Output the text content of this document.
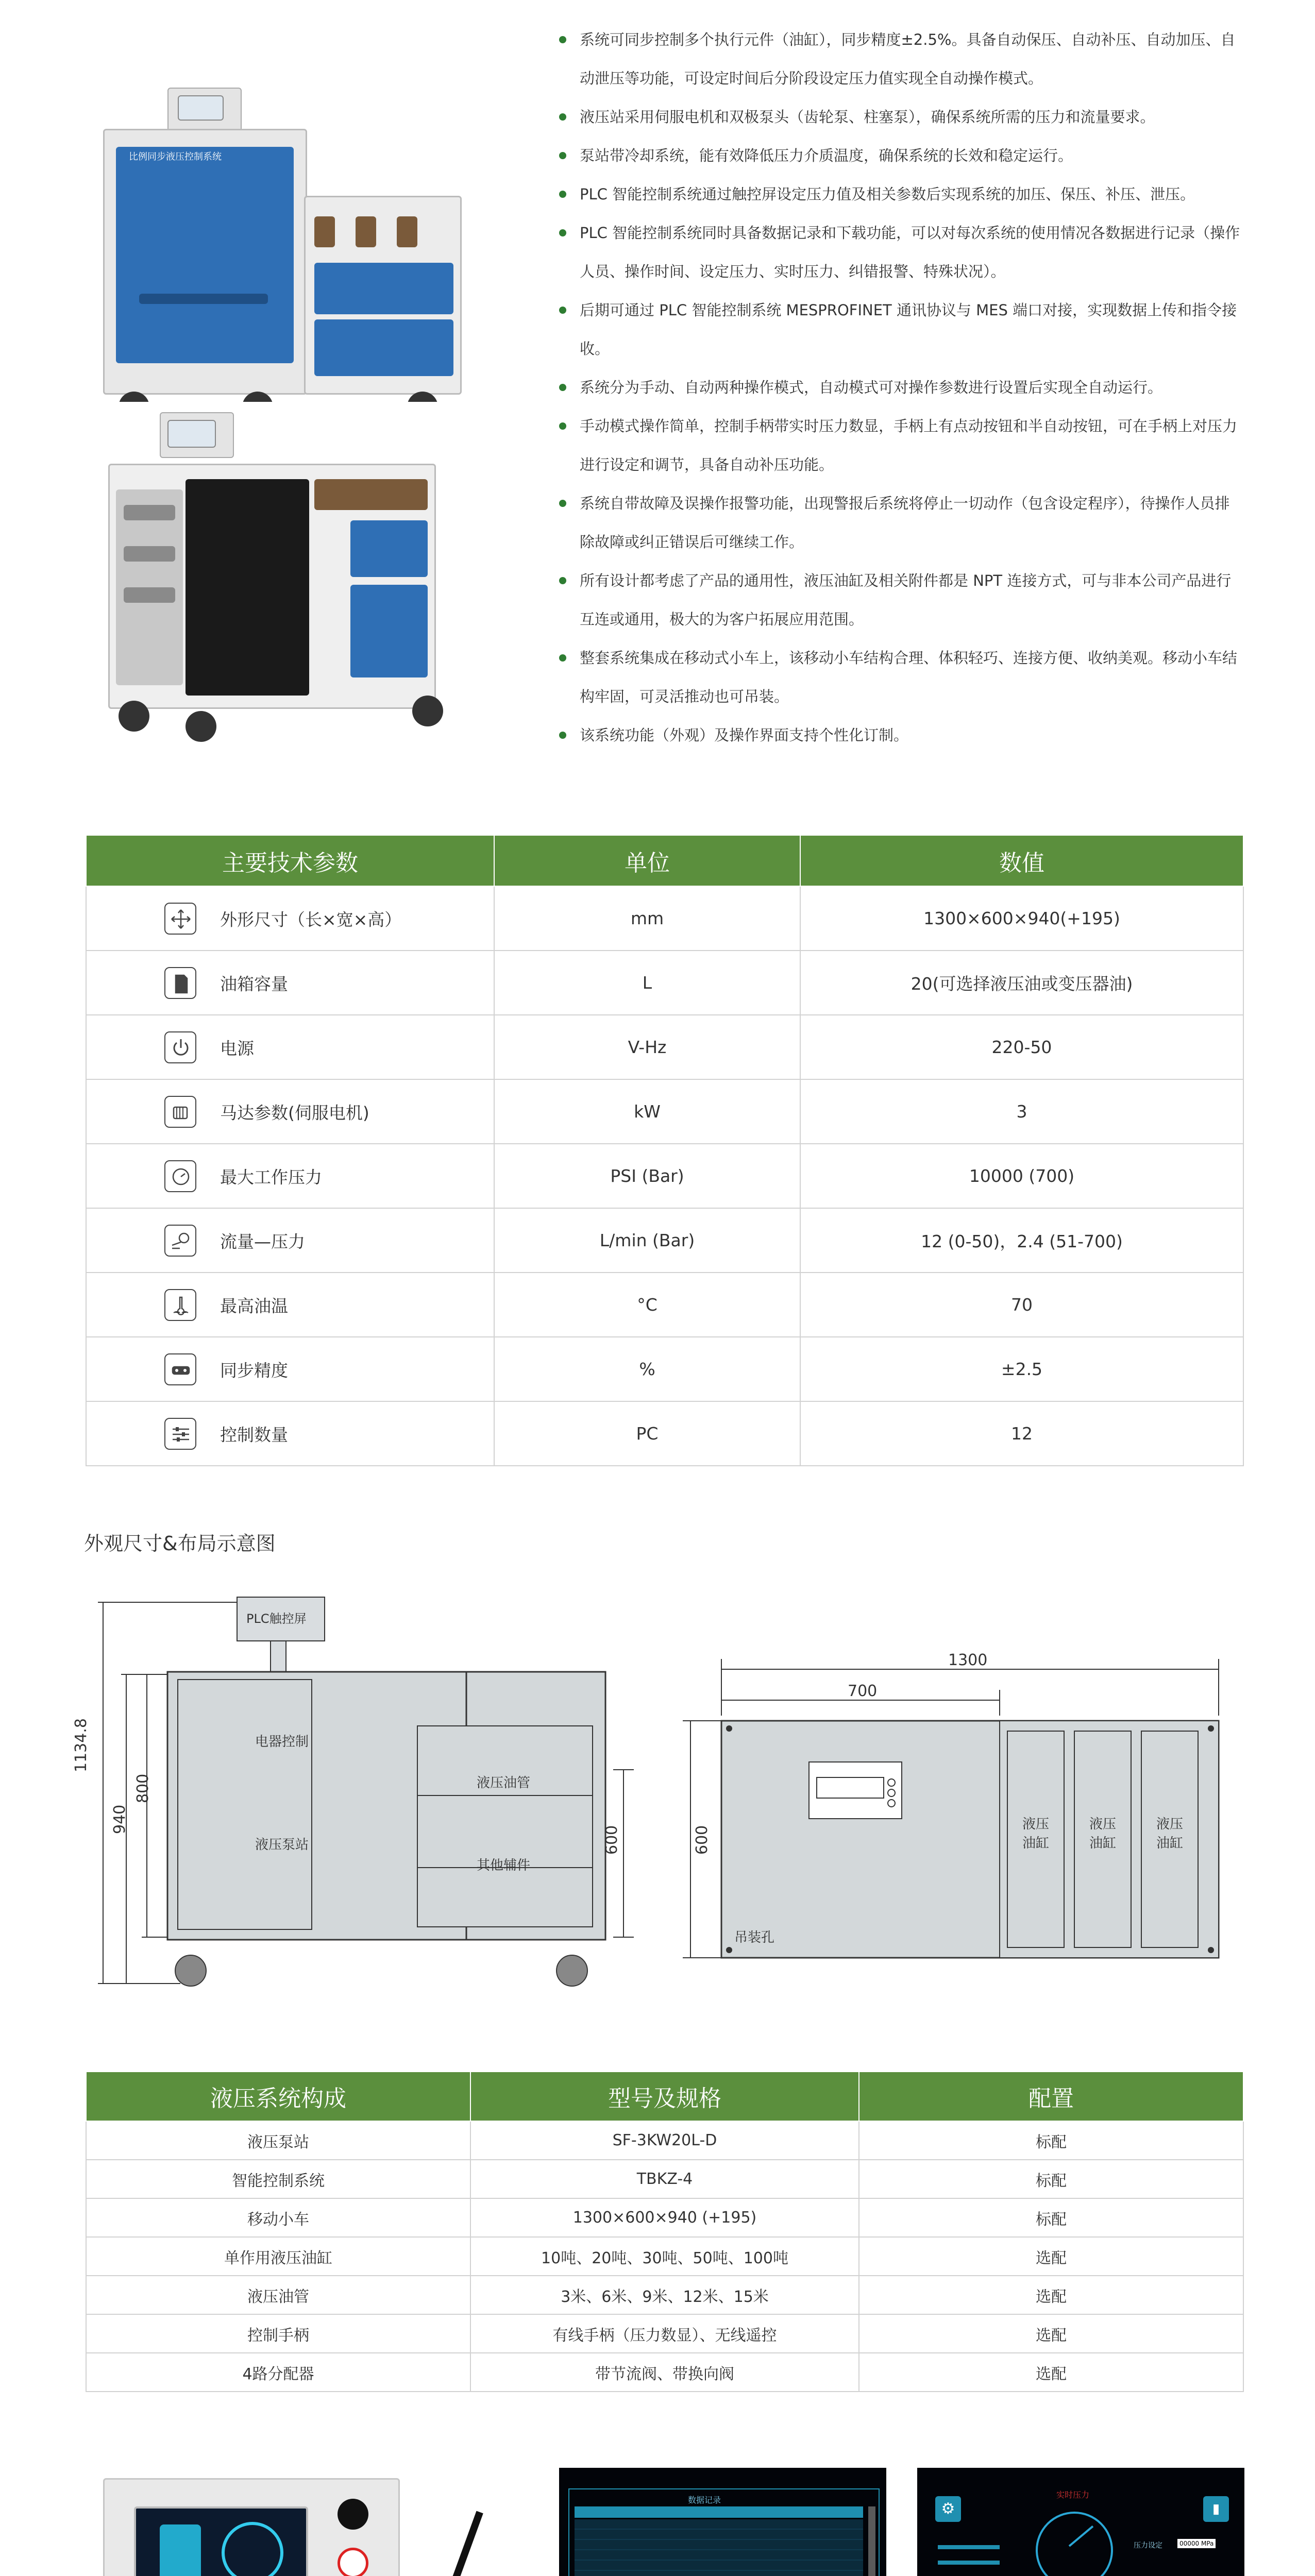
比例同步液压控制系统
系统可同步控制多个执行元件（油缸），同步精度±2.5%。具备自动保压、自动补压、自动加压、自动泄压等功能，可设定时间后分阶段设定压力值实现全自动操作模式。
液压站采用伺服电机和双极泵头（齿轮泵、柱塞泵），确保系统所需的压力和流量要求。
泵站带冷却系统，能有效降低压力介质温度，确保系统的长效和稳定运行。
PLC 智能控制系统通过触控屏设定压力值及相关参数后实现系统的加压、保压、补压、泄压。
PLC 智能控制系统同时具备数据记录和下载功能，可以对每次系统的使用情况各数据进行记录（操作人员、操作时间、设定压力、实时压力、纠错报警、特殊状况）。
后期可通过 PLC 智能控制系统 MESPROFINET 通讯协议与 MES 端口对接，实现数据上传和指令接收。
系统分为手动、自动两种操作模式，自动模式可对操作参数进行设置后实现全自动运行。
手动模式操作简单，控制手柄带实时压力数显，手柄上有点动按钮和半自动按钮，可在手柄上对压力进行设定和调节，具备自动补压功能。
系统自带故障及误操作报警功能，出现警报后系统将停止一切动作（包含设定程序），待操作人员排除故障或纠正错误后可继续工作。
所有设计都考虑了产品的通用性，液压油缸及相关附件都是 NPT 连接方式，可与非本公司产品进行互连或通用，极大的为客户拓展应用范围。
整套系统集成在移动式小车上，该移动小车结构合理、体积轻巧、连接方便、收纳美观。移动小车结构牢固，可灵活推动也可吊装。
该系统功能（外观）及操作界面支持个性化订制。
主要技术参数	单位	数值

外形尺寸（长×宽×高）	mm	1300×600×940(+195)

油箱容量	L	20(可选择液压油或变压器油)

电源	V-Hz	220-50

马达参数(伺服电机)	kW	3

最大工作压力	PSI (Bar)	10000 (700)

流量—压力	L/min (Bar)	12 (0-50)，2.4 (51-700)

最高油温	°C	70

同步精度	%	±2.5

控制数量	PC	12
外观尺寸&布局示意图
PLC触控屏
电器控制
液压泵站
液压油管
其他辅件
1134.8
940
800
600
1300
700
600
液压油缸
液压油缸
液压油缸
吊装孔
液压系统构成	型号及规格	配置
液压泵站	SF-3KW20L-D	标配
智能控制系统	TBKZ-4	标配
移动小车	1300×600×940 (+195)	标配
单作用液压油缸	10吨、20吨、30吨、50吨、100吨	选配
液压油管	3米、6米、9米、12米、15米	选配
控制手柄	有线手柄（压力数显）、无线遥控	选配
4路分配器	带节流阀、带换向阀	选配
数据记录	⚙	▮
实时压力
压力设定	00000 MPa
